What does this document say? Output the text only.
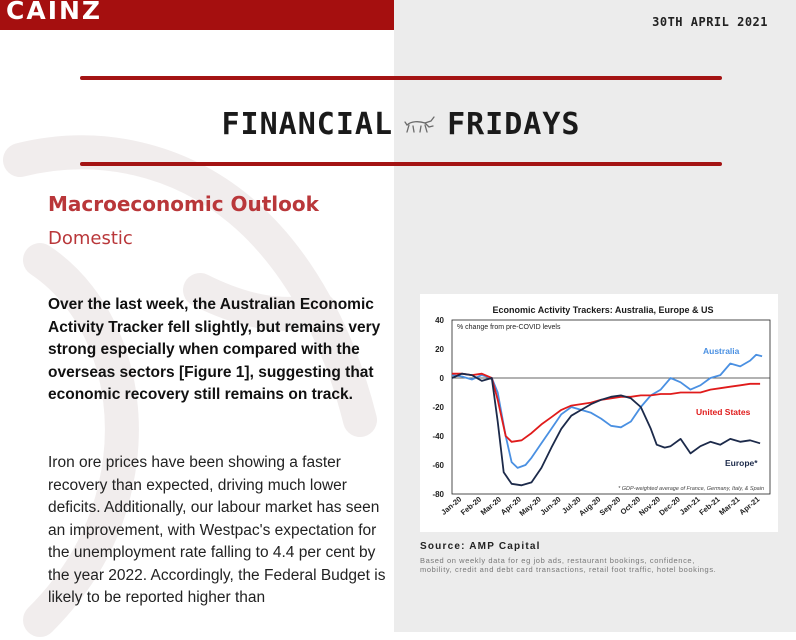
CAINZ	30TH APRIL 2021
FINANCIAL FRIDAYS
Macroeconomic Outlook
Domestic
Over the last week, the Australian Economic Activity Tracker fell slightly, but remains very strong especially when compared with the overseas sectors [Figure 1], suggesting that economic recovery still remains on track.
Iron ore prices have been showing a faster recovery than expected, driving much lower deficits. Additionally, our labour market has seen an improvement, with Westpac's expectation for the unemployment rate falling to 4.4 per cent by the year 2022. Accordingly, the Federal Budget is likely to be reported higher than
Economic Activity Trackers: Australia, Europe & US
% change from pre-COVID levels
* GDP-weighted average of France, Germany, Italy, & Spain
40
20
0
-20
-40
-60
-80
Jan-20
Feb-20
Mar-20
Apr-20
May-20
Jun-20
Jul-20
Aug-20
Sep-20
Oct-20
Nov-20
Dec-20
Jan-21
Feb-21
Mar-21
Apr-21
Australia
United States
Europe*
Source: AMP Capital
Based on weekly data for eg job ads, restaurant bookings, confidence, mobility, credit and debt card transactions, retail foot traffic, hotel bookings.
